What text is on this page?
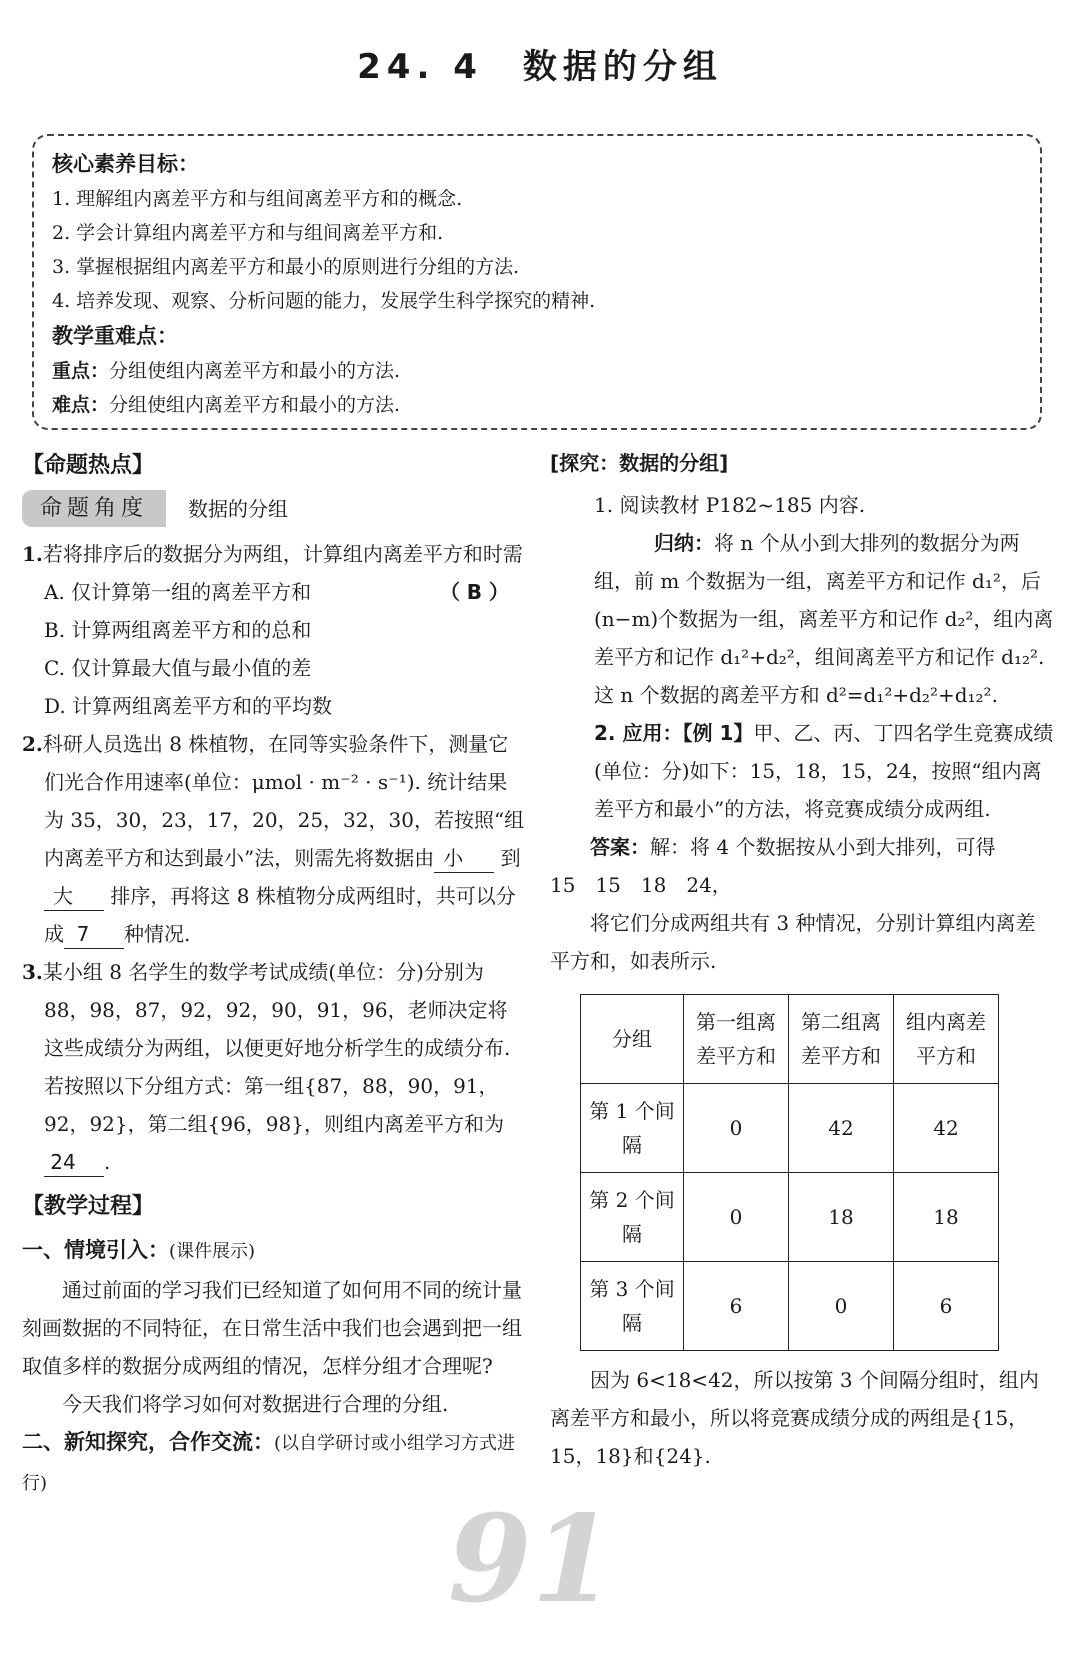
24. 4　数据的分组

核心素养目标：

1. 理解组内离差平方和与组间离差平方和的概念.

2. 学会计算组内离差平方和与组间离差平方和.

3. 掌握根据组内离差平方和最小的原则进行分组的方法.

4. 培养发现、观察、分析问题的能力，发展学生科学探究的精神.

教学重难点：

重点：分组使组内离差平方和最小的方法.

难点：分组使组内离差平方和最小的方法.

91

【命题热点】

命题角度	数据的分组

1.若将排序后的数据分为两组，计算组内离差平方和时需
（ B ）

A. 仅计算第一组的离差平方和

B. 计算两组离差平方和的总和

C. 仅计算最大值与最小值的差

D. 计算两组离差平方和的平均数

2.科研人员选出 8 株植物，在同等实验条件下，测量它们光合作用速率(单位：μmol · m⁻² · s⁻¹). 统计结果为 35，30，23，17，20，25，32，30，若按照“组内离差平方和达到最小”法，则需先将数据由 小 到 大 排序，再将这 8 株植物分成两组时，共可以分成 7 种情况.

3.某小组 8 名学生的数学考试成绩(单位：分)分别为 88，98，87，92，92，90，91，96，老师决定将这些成绩分为两组，以便更好地分析学生的成绩分布. 若按照以下分组方式：第一组{87，88，90，91，92，92}，第二组{96，98}，则组内离差平方和为 24 .

【教学过程】

一、情境引入：(课件展示)

通过前面的学习我们已经知道了如何用不同的统计量刻画数据的不同特征，在日常生活中我们也会遇到把一组取值多样的数据分成两组的情况，怎样分组才合理呢?

今天我们将学习如何对数据进行合理的分组.

二、新知探究，合作交流：(以自学研讨或小组学习方式进行)

[探究：数据的分组]

1. 阅读教材 P182~185 内容.

归纳：将 n 个从小到大排列的数据分为两组，前 m 个数据为一组，离差平方和记作 d₁²，后(n−m)个数据为一组，离差平方和记作 d₂²，组内离差平方和记作 d₁²+d₂²，组间离差平方和记作 d₁₂². 这 n 个数据的离差平方和 d²=d₁²+d₂²+d₁₂².

2. 应用：【例 1】甲、乙、丙、丁四名学生竞赛成绩(单位：分)如下：15，18，15，24，按照“组内离差平方和最小”的方法，将竞赛成绩分成两组.

答案：解：将 4 个数据按从小到大排列，可得

15　15　18　24，

将它们分成两组共有 3 种情况，分别计算组内离差平方和，如表所示.

分组	第一组离差平方和	第二组离差平方和	组内离差平方和
第 1 个间隔	0	42	42
第 2 个间隔	0	18	18
第 3 个间隔	6	0	6

因为 6<18<42，所以按第 3 个间隔分组时，组内离差平方和最小，所以将竞赛成绩分成的两组是{15，15，18}和{24}.
